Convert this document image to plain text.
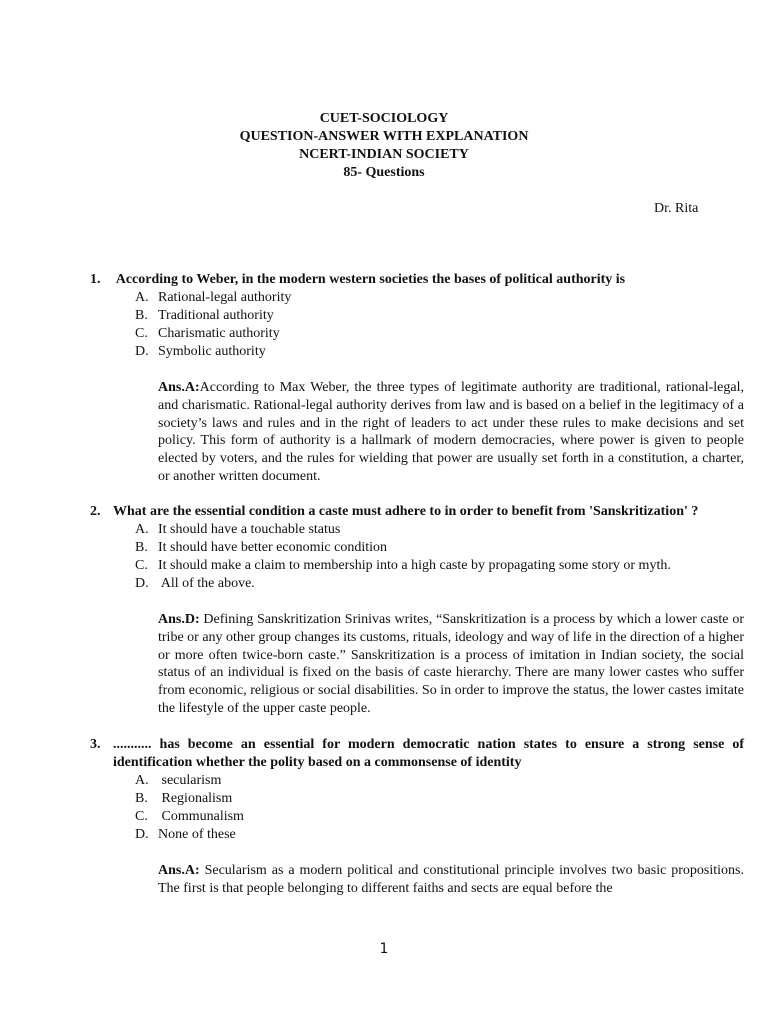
CUET-SOCIOLOGY
QUESTION-ANSWER WITH EXPLANATION
NCERT-INDIAN SOCIETY
85- Questions
Dr. Rita
1. According to Weber, in the modern western societies the bases of political authority is
A. Rational-legal authority
B. Traditional authority
C. Charismatic authority
D. Symbolic authority
Ans.A:According to Max Weber, the three types of legitimate authority are traditional, rational-legal, and charismatic. Rational-legal authority derives from law and is based on a belief in the legitimacy of a society’s laws and rules and in the right of leaders to act under these rules to make decisions and set policy. This form of authority is a hallmark of modern democracies, where power is given to people elected by voters, and the rules for wielding that power are usually set forth in a constitution, a charter, or another written document.
2. What are the essential condition a caste must adhere to in order to benefit from 'Sanskritization' ?
A. It should have a touchable status
B. It should have better economic condition
C. It should make a claim to membership into a high caste by propagating some story or myth.
D. All of the above.
Ans.D: Defining Sanskritization Srinivas writes, “Sanskritization is a process by which a lower caste or tribe or any other group changes its customs, rituals, ideology and way of life in the direction of a higher or more often twice-born caste.” Sanskritization is a process of imitation in Indian society, the social status of an individual is fixed on the basis of caste hierarchy. There are many lower castes who suffer from economic, religious or social disabilities. So in order to improve the status, the lower castes imitate the lifestyle of the upper caste people.
3. ........... has become an essential for modern democratic nation states to ensure a strong sense of identification whether the polity based on a commonsense of identity
A. secularism
B. Regionalism
C. Communalism
D. None of these
Ans.A: Secularism as a modern political and constitutional principle involves two basic propositions. The first is that people belonging to different faiths and sects are equal before the
1
